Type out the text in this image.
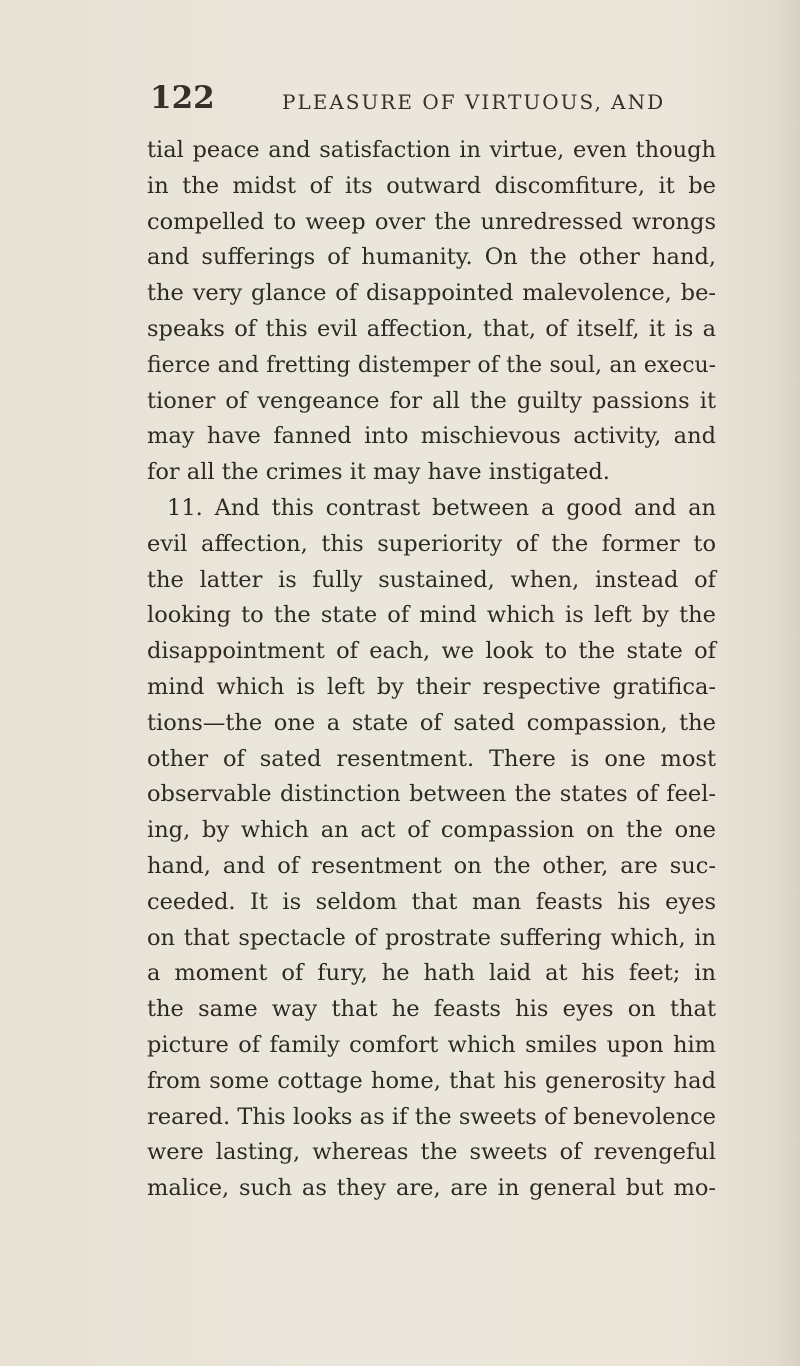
122	PLEASURE OF VIRTUOUS, AND
tial peace and satisfaction in virtue, even though
in the midst of its outward discomfiture, it be
compelled to weep over the unredressed wrongs
and sufferings of humanity. On the other hand,
the very glance of disappointed malevolence, be-
speaks of this evil affection, that, of itself, it is a
fierce and fretting distemper of the soul, an execu-
tioner of vengeance for all the guilty passions it
may have fanned into mischievous activity, and
for all the crimes it may have instigated.
11. And this contrast between a good and an
evil affection, this superiority of the former to
the latter is fully sustained, when, instead of
looking to the state of mind which is left by the
disappointment of each, we look to the state of
mind which is left by their respective gratifica-
tions—the one a state of sated compassion, the
other of sated resentment. There is one most
observable distinction between the states of feel-
ing, by which an act of compassion on the one
hand, and of resentment on the other, are suc-
ceeded. It is seldom that man feasts his eyes
on that spectacle of prostrate suffering which, in
a moment of fury, he hath laid at his feet; in
the same way that he feasts his eyes on that
picture of family comfort which smiles upon him
from some cottage home, that his generosity had
reared. This looks as if the sweets of benevolence
were lasting, whereas the sweets of revengeful
malice, such as they are, are in general but mo-
